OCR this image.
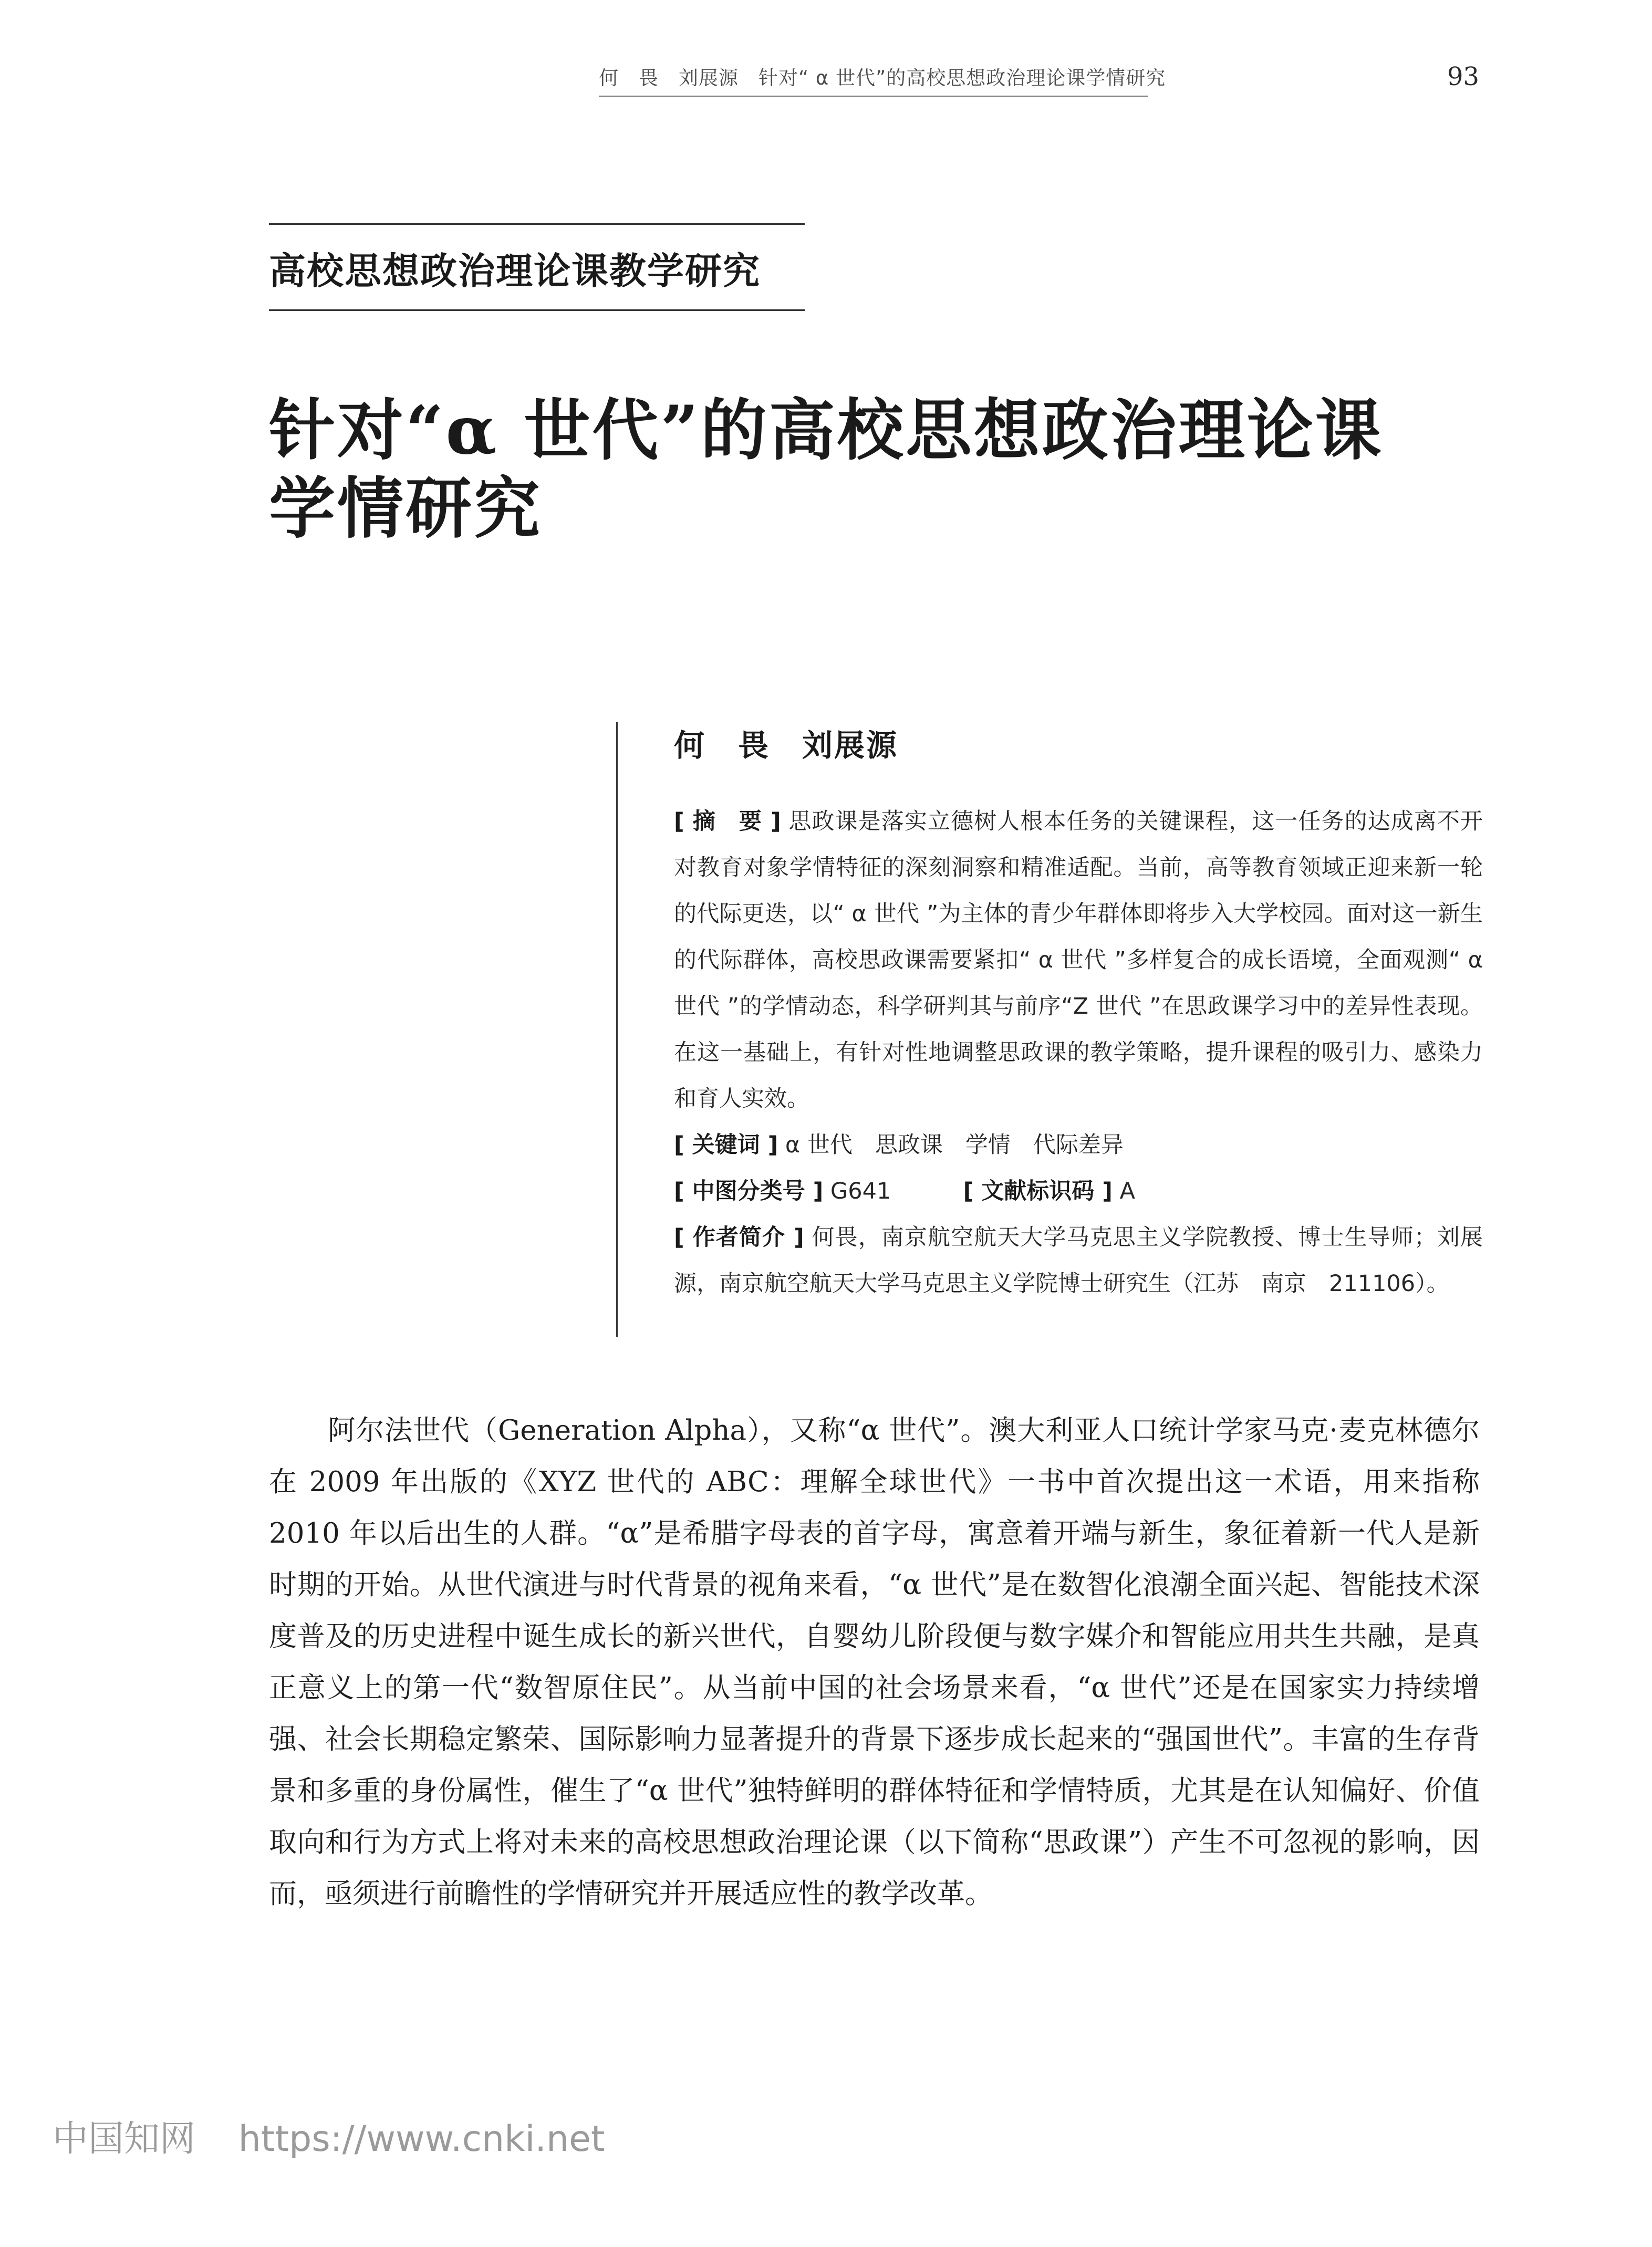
何　畏　刘展源　针对“ α 世代”的高校思想政治理论课学情研究	93
高校思想政治理论课教学研究
针对“α 世代”的高校思想政治理论课
学情研究
何　畏　刘展源

[ 摘　要 ] 思政课是落实立德树人根本任务的关键课程，这一任务的达成离不开对教育对象学情特征的深刻洞察和精准适配。当前，高等教育领域正迎来新一轮的代际更迭，以“ α 世代 ”为主体的青少年群体即将步入大学校园。面对这一新生的代际群体，高校思政课需要紧扣“ α 世代 ”多样复合的成长语境，全面观测“ α 世代 ”的学情动态，科学研判其与前序“Z 世代 ”在思政课学习中的差异性表现。在这一基础上，有针对性地调整思政课的教学策略，提升课程的吸引力、感染力和育人实效。

[ 关键词 ] α 世代　思政课　学情　代际差异

[ 中图分类号 ] G641	[ 文献标识码 ] A

[ 作者简介 ] 何畏，南京航空航天大学马克思主义学院教授、博士生导师；刘展源，南京航空航天大学马克思主义学院博士研究生（江苏　南京　211106）。

阿尔法世代（Generation Alpha），又称“α 世代”。澳大利亚人口统计学家马克·麦克林德尔在 2009 年出版的《XYZ 世代的 ABC：理解全球世代》一书中首次提出这一术语，用来指称 2010 年以后出生的人群。“α”是希腊字母表的首字母，寓意着开端与新生，象征着新一代人是新时期的开始。从世代演进与时代背景的视角来看，“α 世代”是在数智化浪潮全面兴起、智能技术深度普及的历史进程中诞生成长的新兴世代，自婴幼儿阶段便与数字媒介和智能应用共生共融，是真正意义上的第一代“数智原住民”。从当前中国的社会场景来看，“α 世代”还是在国家实力持续增强、社会长期稳定繁荣、国际影响力显著提升的背景下逐步成长起来的“强国世代”。丰富的生存背景和多重的身份属性，催生了“α 世代”独特鲜明的群体特征和学情特质，尤其是在认知偏好、价值取向和行为方式上将对未来的高校思想政治理论课（以下简称“思政课”）产生不可忽视的影响，因而，亟须进行前瞻性的学情研究并开展适应性的教学改革。

中国知网 https://www.cnki.net
